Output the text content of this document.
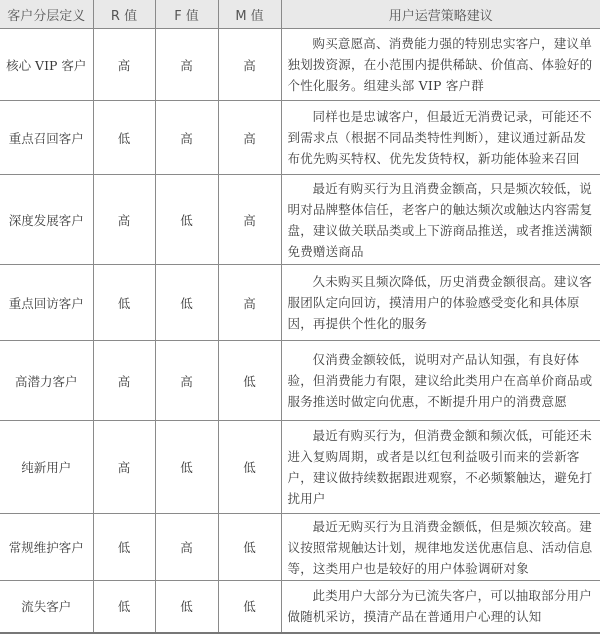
客户分层定义	R 值	F 值	M 值	用户运营策略建议
核心 VIP 客户	高	高	高	购买意愿高、消费能力强的特别忠实客户，建议单独划拨资源，在小范围内提供稀缺、价值高、体验好的个性化服务。组建头部 VIP 客户群
重点召回客户	低	高	高	同样也是忠诚客户，但最近无消费记录，可能还不到需求点（根据不同品类特性判断），建议通过新品发布优先购买特权、优先发货特权，新功能体验来召回
深度发展客户	高	低	高	最近有购买行为且消费金额高，只是频次较低，说明对品牌整体信任，老客户的触达频次或触达内容需复盘，建议做关联品类或上下游商品推送，或者推送满额免费赠送商品
重点回访客户	低	低	高	久未购买且频次降低，历史消费金额很高。建议客服团队定向回访，摸清用户的体验感受变化和具体原因，再提供个性化的服务
高潜力客户	高	高	低	仅消费金额较低，说明对产品认知强，有良好体验，但消费能力有限，建议给此类用户在高单价商品或服务推送时做定向优惠，不断提升用户的消费意愿
纯新用户	高	低	低	最近有购买行为，但消费金额和频次低，可能还未进入复购周期，或者是以红包利益吸引而来的尝新客户，建议做持续数据跟进观察，不必频繁触达，避免打扰用户
常规维护客户	低	高	低	最近无购买行为且消费金额低，但是频次较高。建议按照常规触达计划，规律地发送优惠信息、活动信息等，这类用户也是较好的用户体验调研对象
流失客户	低	低	低	此类用户大部分为已流失客户，可以抽取部分用户做随机采访，摸清产品在普通用户心理的认知
